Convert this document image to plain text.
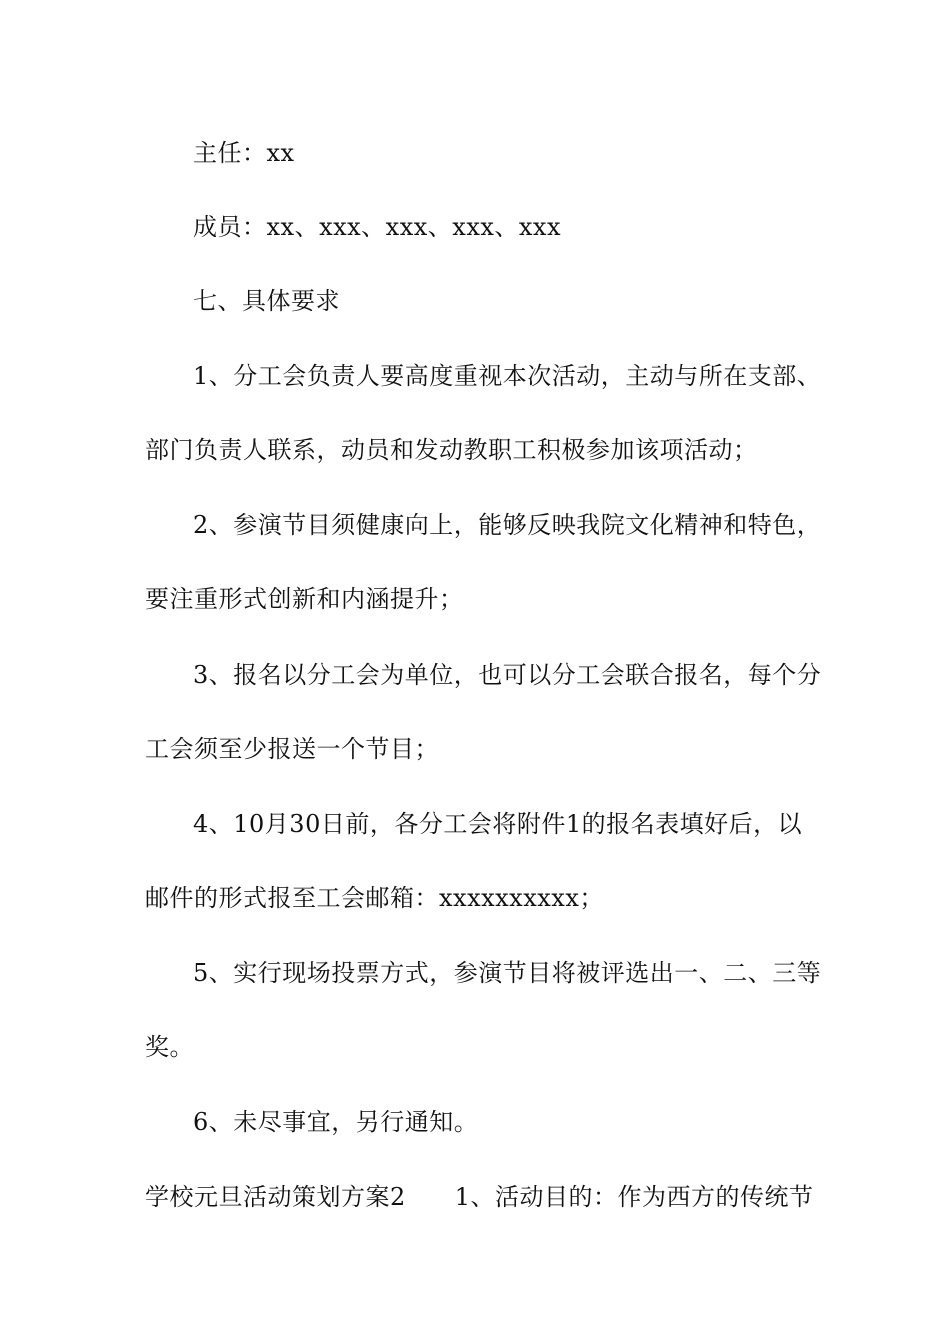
主任：xx
成员：xx、xxx、xxx、xxx、xxx
七、具体要求
1、分工会负责人要高度重视本次活动，主动与所在支部、
部门负责人联系，动员和发动教职工积极参加该项活动；
2、参演节目须健康向上，能够反映我院文化精神和特色，
要注重形式创新和内涵提升；
3、报名以分工会为单位，也可以分工会联合报名，每个分
工会须至少报送一个节目；
4、10月30日前，各分工会将附件1的报名表填好后，以
邮件的形式报至工会邮箱：xxxxxxxxxx；
5、实行现场投票方式，参演节目将被评选出一、二、三等
奖。
6、未尽事宜，另行通知。
学校元旦活动策划方案2　　1、活动目的：作为西方的传统节
